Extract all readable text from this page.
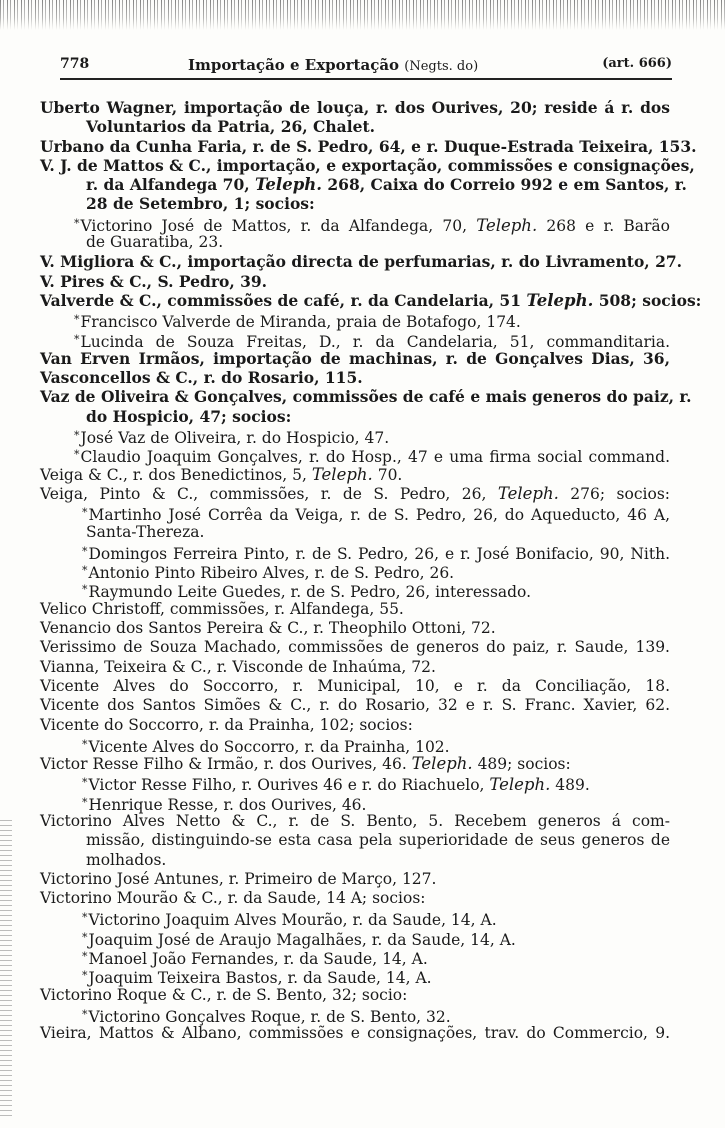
778	Importação e Exportação (Negts. do)	(art. 666)
Uberto Wagner, importação de louça, r. dos Ourives, 20; reside á r. dos
Voluntarios da Patria, 26, Chalet.
Urbano da Cunha Faria, r. de S. Pedro, 64, e r. Duque-Estrada Teixeira, 153.
V. J. de Mattos & C., importação, e exportação, commissões e consignações,
r. da Alfandega 70, Teleph. 268, Caixa do Correio 992 e em Santos, r.
28 de Setembro, 1; socios:
*Victorino José de Mattos, r. da Alfandega, 70, Teleph. 268 e r. Barão
de Guaratiba, 23.
V. Migliora & C., importação directa de perfumarias, r. do Livramento, 27.
V. Pires & C., S. Pedro, 39.
Valverde & C., commissões de café, r. da Candelaria, 51 Teleph. 508; socios:
*Francisco Valverde de Miranda, praia de Botafogo, 174.
*Lucinda de Souza Freitas, D., r. da Candelaria, 51, commanditaria.
Van Erven Irmãos, importação de machinas, r. de Gonçalves Dias, 36,
Vasconcellos & C., r. do Rosario, 115.
Vaz de Oliveira & Gonçalves, commissões de café e mais generos do paiz, r.
do Hospicio, 47; socios:
*José Vaz de Oliveira, r. do Hospicio, 47.
*Claudio Joaquim Gonçalves, r. do Hosp., 47 e uma firma social command.
Veiga & C., r. dos Benedictinos, 5, Teleph. 70.
Veiga, Pinto & C., commissões, r. de S. Pedro, 26, Teleph. 276; socios:
*Martinho José Corrêa da Veiga, r. de S. Pedro, 26, do Aqueducto, 46 A,
Santa-Thereza.
*Domingos Ferreira Pinto, r. de S. Pedro, 26, e r. José Bonifacio, 90, Nith.
*Antonio Pinto Ribeiro Alves, r. de S. Pedro, 26.
*Raymundo Leite Guedes, r. de S. Pedro, 26, interessado.
Velico Christoff, commissões, r. Alfandega, 55.
Venancio dos Santos Pereira & C., r. Theophilo Ottoni, 72.
Verissimo de Souza Machado, commissões de generos do paiz, r. Saude, 139.
Vianna, Teixeira & C., r. Visconde de Inhaúma, 72.
Vicente Alves do Soccorro, r. Municipal, 10, e r. da Conciliação, 18.
Vicente dos Santos Simões & C., r. do Rosario, 32 e r. S. Franc. Xavier, 62.
Vicente do Soccorro, r. da Prainha, 102; socios:
*Vicente Alves do Soccorro, r. da Prainha, 102.
Victor Resse Filho & Irmão, r. dos Ourives, 46. Teleph. 489; socios:
*Victor Resse Filho, r. Ourives 46 e r. do Riachuelo, Teleph. 489.
*Henrique Resse, r. dos Ourives, 46.
Victorino Alves Netto & C., r. de S. Bento, 5. Recebem generos á com-
missão, distinguindo-se esta casa pela superioridade de seus generos de
molhados.
Victorino José Antunes, r. Primeiro de Março, 127.
Victorino Mourão & C., r. da Saude, 14 A; socios:
*Victorino Joaquim Alves Mourão, r. da Saude, 14, A.
*Joaquim José de Araujo Magalhães, r. da Saude, 14, A.
*Manoel João Fernandes, r. da Saude, 14, A.
*Joaquim Teixeira Bastos, r. da Saude, 14, A.
Victorino Roque & C., r. de S. Bento, 32; socio:
*Victorino Gonçalves Roque, r. de S. Bento, 32.
Vieira, Mattos & Albano, commissões e consignações, trav. do Commercio, 9.
